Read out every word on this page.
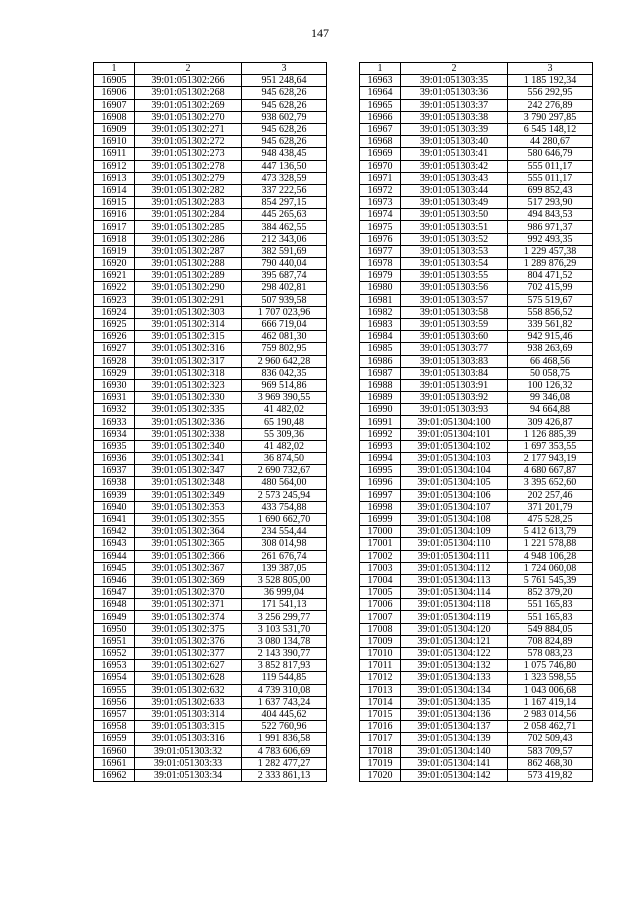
147
1	2	3
16905	39:01:051302:266	951 248,64
16906	39:01:051302:268	945 628,26
16907	39:01:051302:269	945 628,26
16908	39:01:051302:270	938 602,79
16909	39:01:051302:271	945 628,26
16910	39:01:051302:272	945 628,26
16911	39:01:051302:273	948 438,45
16912	39:01:051302:278	447 136,50
16913	39:01:051302:279	473 328,59
16914	39:01:051302:282	337 222,56
16915	39:01:051302:283	854 297,15
16916	39:01:051302:284	445 265,63
16917	39:01:051302:285	384 462,55
16918	39:01:051302:286	212 343,06
16919	39:01:051302:287	382 591,69
16920	39:01:051302:288	790 440,04
16921	39:01:051302:289	395 687,74
16922	39:01:051302:290	298 402,81
16923	39:01:051302:291	507 939,58
16924	39:01:051302:303	1 707 023,96
16925	39:01:051302:314	666 719,04
16926	39:01:051302:315	462 081,30
16927	39:01:051302:316	759 802,95
16928	39:01:051302:317	2 960 642,28
16929	39:01:051302:318	836 042,35
16930	39:01:051302:323	969 514,86
16931	39:01:051302:330	3 969 390,55
16932	39:01:051302:335	41 482,02
16933	39:01:051302:336	65 190,48
16934	39:01:051302:338	55 309,36
16935	39:01:051302:340	41 482,02
16936	39:01:051302:341	36 874,50
16937	39:01:051302:347	2 690 732,67
16938	39:01:051302:348	480 564,00
16939	39:01:051302:349	2 573 245,94
16940	39:01:051302:353	433 754,88
16941	39:01:051302:355	1 690 662,70
16942	39:01:051302:364	234 554,44
16943	39:01:051302:365	308 014,98
16944	39:01:051302:366	261 676,74
16945	39:01:051302:367	139 387,05
16946	39:01:051302:369	3 528 805,00
16947	39:01:051302:370	36 999,04
16948	39:01:051302:371	171 541,13
16949	39:01:051302:374	3 256 299,77
16950	39:01:051302:375	3 103 531,70
16951	39:01:051302:376	3 080 134,78
16952	39:01:051302:377	2 143 390,77
16953	39:01:051302:627	3 852 817,93
16954	39:01:051302:628	119 544,85
16955	39:01:051302:632	4 739 310,08
16956	39:01:051302:633	1 637 743,24
16957	39:01:051303:314	404 445,62
16958	39:01:051303:315	522 760,96
16959	39:01:051303:316	1 991 836,58
16960	39:01:051303:32	4 783 606,69
16961	39:01:051303:33	1 282 477,27
16962	39:01:051303:34	2 333 861,13
1	2	3
16963	39:01:051303:35	1 185 192,34
16964	39:01:051303:36	556 292,95
16965	39:01:051303:37	242 276,89
16966	39:01:051303:38	3 790 297,85
16967	39:01:051303:39	6 545 148,12
16968	39:01:051303:40	44 280,67
16969	39:01:051303:41	580 646,79
16970	39:01:051303:42	555 011,17
16971	39:01:051303:43	555 011,17
16972	39:01:051303:44	699 852,43
16973	39:01:051303:49	517 293,90
16974	39:01:051303:50	494 843,53
16975	39:01:051303:51	986 971,37
16976	39:01:051303:52	992 493,35
16977	39:01:051303:53	1 229 457,38
16978	39:01:051303:54	1 289 876,29
16979	39:01:051303:55	804 471,52
16980	39:01:051303:56	702 415,99
16981	39:01:051303:57	575 519,67
16982	39:01:051303:58	558 856,52
16983	39:01:051303:59	339 561,82
16984	39:01:051303:60	942 915,46
16985	39:01:051303:77	938 263,69
16986	39:01:051303:83	66 468,56
16987	39:01:051303:84	50 058,75
16988	39:01:051303:91	100 126,32
16989	39:01:051303:92	99 346,08
16990	39:01:051303:93	94 664,88
16991	39:01:051304:100	309 426,87
16992	39:01:051304:101	1 126 885,39
16993	39:01:051304:102	1 697 353,55
16994	39:01:051304:103	2 177 943,19
16995	39:01:051304:104	4 680 667,87
16996	39:01:051304:105	3 395 652,60
16997	39:01:051304:106	202 257,46
16998	39:01:051304:107	371 201,79
16999	39:01:051304:108	475 528,25
17000	39:01:051304:109	5 412 613,79
17001	39:01:051304:110	1 221 578,88
17002	39:01:051304:111	4 948 106,28
17003	39:01:051304:112	1 724 060,08
17004	39:01:051304:113	5 761 545,39
17005	39:01:051304:114	852 379,20
17006	39:01:051304:118	551 165,83
17007	39:01:051304:119	551 165,83
17008	39:01:051304:120	549 884,05
17009	39:01:051304:121	708 824,89
17010	39:01:051304:122	578 083,23
17011	39:01:051304:132	1 075 746,80
17012	39:01:051304:133	1 323 598,55
17013	39:01:051304:134	1 043 006,68
17014	39:01:051304:135	1 167 419,14
17015	39:01:051304:136	2 983 014,56
17016	39:01:051304:137	2 058 462,71
17017	39:01:051304:139	702 509,43
17018	39:01:051304:140	583 709,57
17019	39:01:051304:141	862 468,30
17020	39:01:051304:142	573 419,82
